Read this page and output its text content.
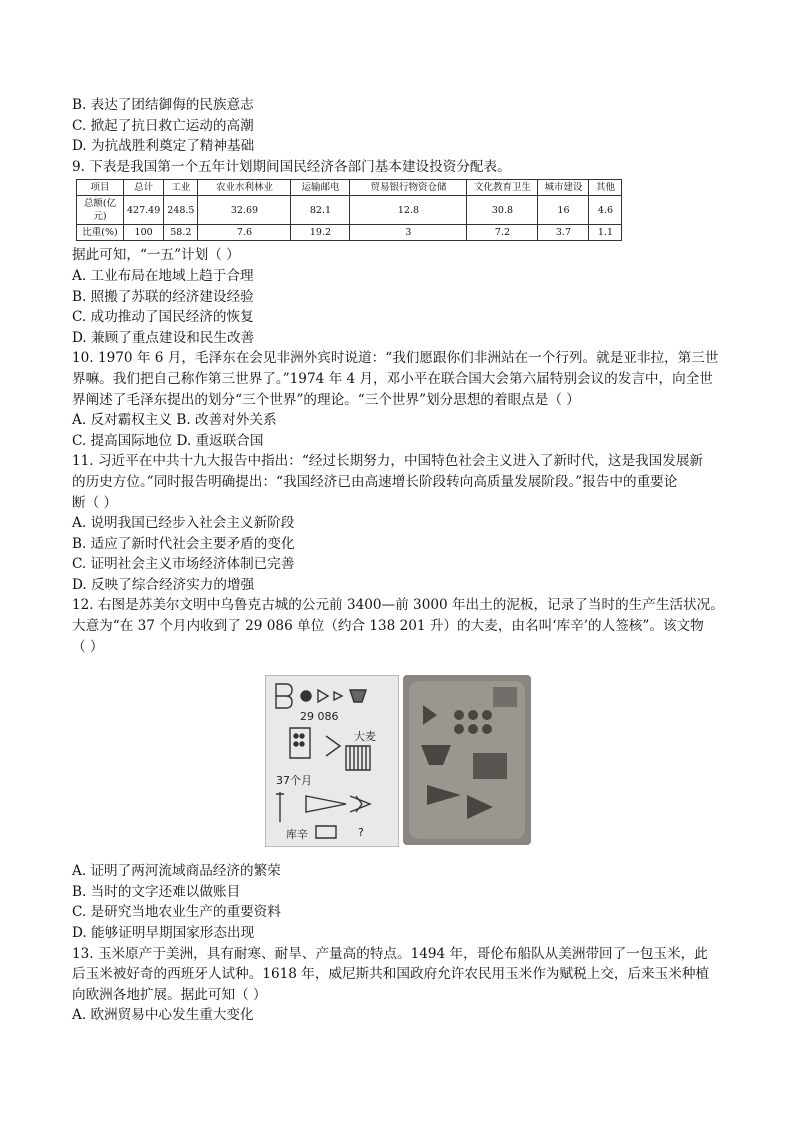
B. 表达了团结御侮的民族意志
C. 掀起了抗日救亡运动的高潮
D. 为抗战胜利奠定了精神基础
9. 下表是我国第一个五年计划期间国民经济各部门基本建设投资分配表。
项目	总计	工业	农业水利林业	运输邮电	贸易银行物资仓储	文化教育卫生	城市建设	其他
总额(亿元)	427.49	248.5	32.69	82.1	12.8	30.8	16	4.6
比重(%)	100	58.2	7.6	19.2	3	7.2	3.7	1.1
据此可知，“一五”计划（ ）
A. 工业布局在地域上趋于合理
B. 照搬了苏联的经济建设经验
C. 成功推动了国民经济的恢复
D. 兼顾了重点建设和民生改善
10. 1970 年 6 月，毛泽东在会见非洲外宾时说道：“我们愿跟你们非洲站在一个行列。就是亚非拉，第三世
界嘛。我们把自己称作第三世界了。”1974 年 4 月，邓小平在联合国大会第六届特别会议的发言中，向全世
界阐述了毛泽东提出的划分“三个世界”的理论。“三个世界”划分思想的着眼点是（ ）
A. 反对霸权主义 B. 改善对外关系
C. 提高国际地位 D. 重返联合国
11. 习近平在中共十九大报告中指出：“经过长期努力，中国特色社会主义进入了新时代，这是我国发展新
的历史方位。”同时报告明确提出：“我国经济已由高速增长阶段转向高质量发展阶段。”报告中的重要论
断（ ）
A. 说明我国已经步入社会主义新阶段
B. 适应了新时代社会主要矛盾的变化
C. 证明社会主义市场经济体制已完善
D. 反映了综合经济实力的增强
12. 右图是苏美尔文明中乌鲁克古城的公元前 3400—前 3000 年出土的泥板，记录了当时的生产生活状况。
大意为“在 37 个月内收到了 29 086 单位（约合 138 201 升）的大麦，由名叫‘库辛’的人签核”。该文物
（ ）
29 086
大麦
37个月
库辛	?
A. 证明了两河流域商品经济的繁荣
B. 当时的文字还难以做账目
C. 是研究当地农业生产的重要资料
D. 能够证明早期国家形态出现
13. 玉米原产于美洲，具有耐寒、耐旱、产量高的特点。1494 年，哥伦布船队从美洲带回了一包玉米，此
后玉米被好奇的西班牙人试种。1618 年，威尼斯共和国政府允许农民用玉米作为赋税上交，后来玉米种植
向欧洲各地扩展。据此可知（ ）
A. 欧洲贸易中心发生重大变化
